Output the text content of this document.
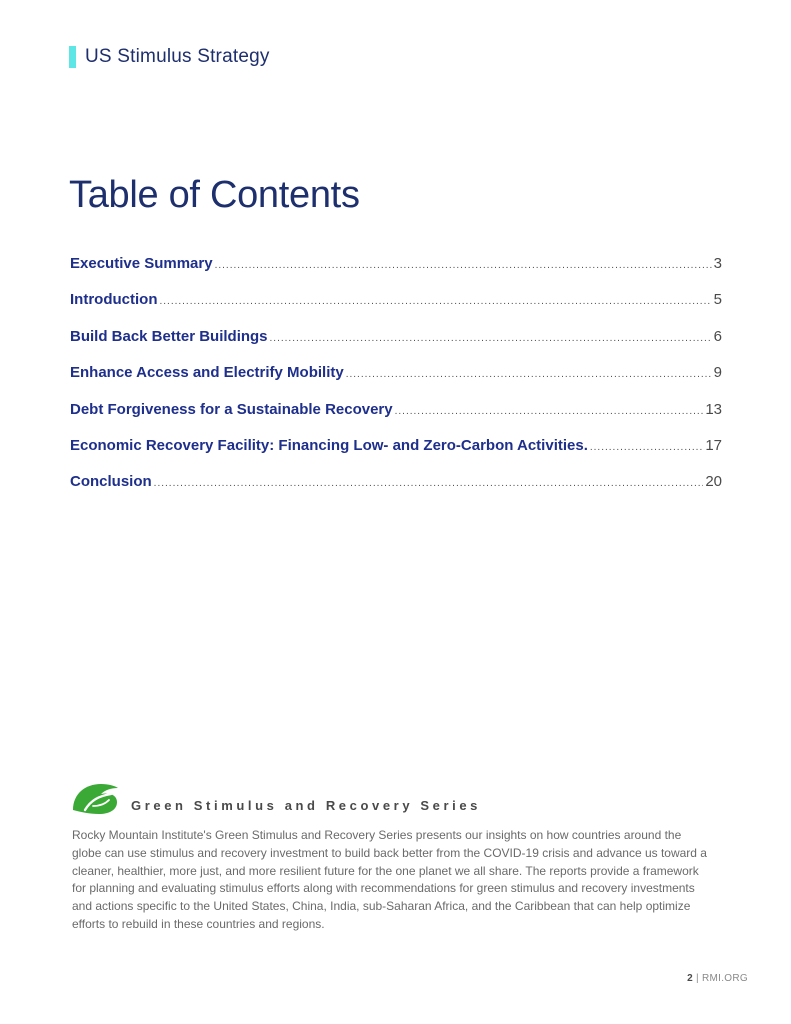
US Stimulus Strategy
Table of Contents
Executive Summary .....	3
Introduction .....	5
Build Back Better Buildings .....	6
Enhance Access and Electrify Mobility .....	9
Debt Forgiveness for a Sustainable Recovery .....	13
Economic Recovery Facility: Financing Low- and Zero-Carbon Activities. .....	17
Conclusion .....	20
Green Stimulus and Recovery Series

Rocky Mountain Institute's Green Stimulus and Recovery Series presents our insights on how countries around the globe can use stimulus and recovery investment to build back better from the COVID-19 crisis and advance us toward a cleaner, healthier, more just, and more resilient future for the one planet we all share. The reports provide a framework for planning and evaluating stimulus efforts along with recommendations for green stimulus and recovery investments and actions specific to the United States, China, India, sub-Saharan Africa, and the Caribbean that can help optimize efforts to rebuild in these countries and regions.

2 | RMI.ORG
